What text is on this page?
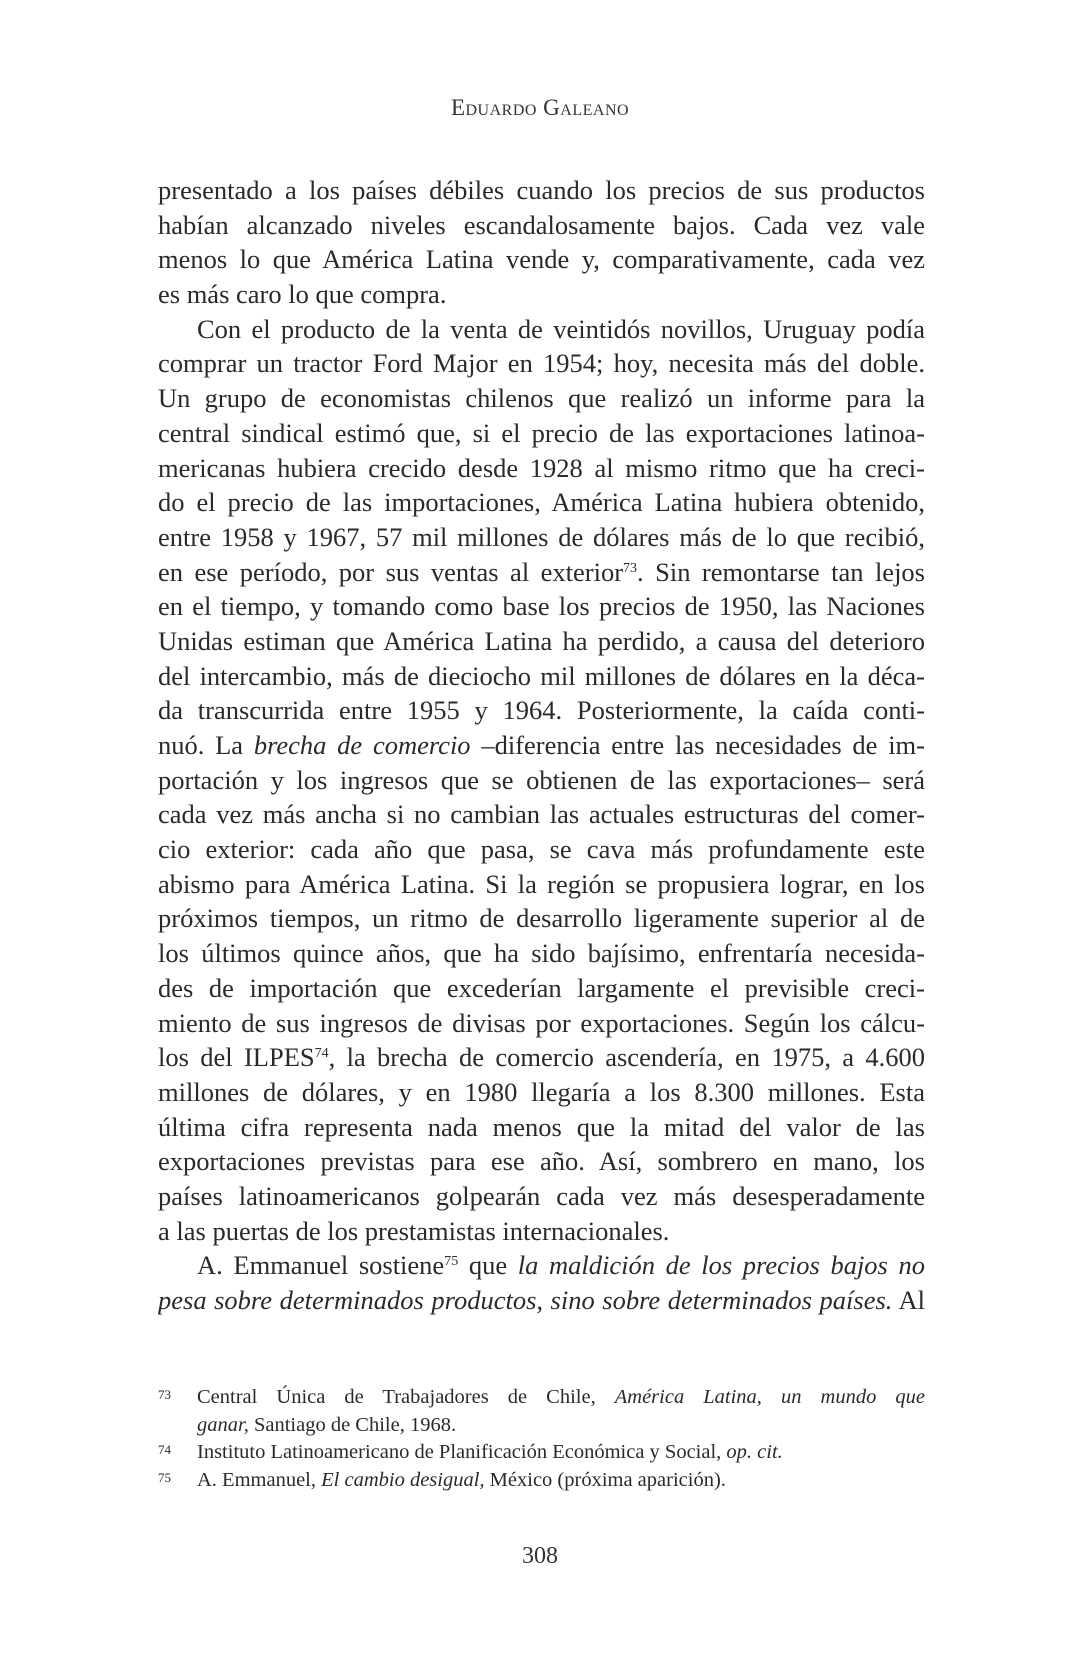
Eduardo Galeano
presentado a los países débiles cuando los precios de sus productos
habían alcanzado niveles escandalosamente bajos. Cada vez vale
menos lo que América Latina vende y, comparativamente, cada vez
es más caro lo que compra.
Con el producto de la venta de veintidós novillos, Uruguay podía
comprar un tractor Ford Major en 1954; hoy, necesita más del doble.
Un grupo de economistas chilenos que realizó un informe para la
central sindical estimó que, si el precio de las exportaciones latinoa-
mericanas hubiera crecido desde 1928 al mismo ritmo que ha creci-
do el precio de las importaciones, América Latina hubiera obtenido,
entre 1958 y 1967, 57 mil millones de dólares más de lo que recibió,
en ese período, por sus ventas al exterior$^{73}$. Sin remontarse tan lejos
en el tiempo, y tomando como base los precios de 1950, las Naciones
Unidas estiman que América Latina ha perdido, a causa del deterioro
del intercambio, más de dieciocho mil millones de dólares en la déca-
da transcurrida entre 1955 y 1964. Posteriormente, la caída conti-
nuó. La brecha de comercio –diferencia entre las necesidades de im-
portación y los ingresos que se obtienen de las exportaciones– será
cada vez más ancha si no cambian las actuales estructuras del comer-
cio exterior: cada año que pasa, se cava más profundamente este
abismo para América Latina. Si la región se propusiera lograr, en los
próximos tiempos, un ritmo de desarrollo ligeramente superior al de
los últimos quince años, que ha sido bajísimo, enfrentaría necesida-
des de importación que excederían largamente el previsible creci-
miento de sus ingresos de divisas por exportaciones. Según los cálcu-
los del ILPES$^{74}$, la brecha de comercio ascendería, en 1975, a 4.600
millones de dólares, y en 1980 llegaría a los 8.300 millones. Esta
última cifra representa nada menos que la mitad del valor de las
exportaciones previstas para ese año. Así, sombrero en mano, los
países latinoamericanos golpearán cada vez más desesperadamente
a las puertas de los prestamistas internacionales.
A. Emmanuel sostiene$^{75}$ que la maldición de los precios bajos no
pesa sobre determinados productos, sino sobre determinados países. Al
73 Central Única de Trabajadores de Chile, América Latina, un mundo que
ganar, Santiago de Chile, 1968.
74 Instituto Latinoamericano de Planificación Económica y Social, op. cit.
75 A. Emmanuel, El cambio desigual, México (próxima aparición).
308
